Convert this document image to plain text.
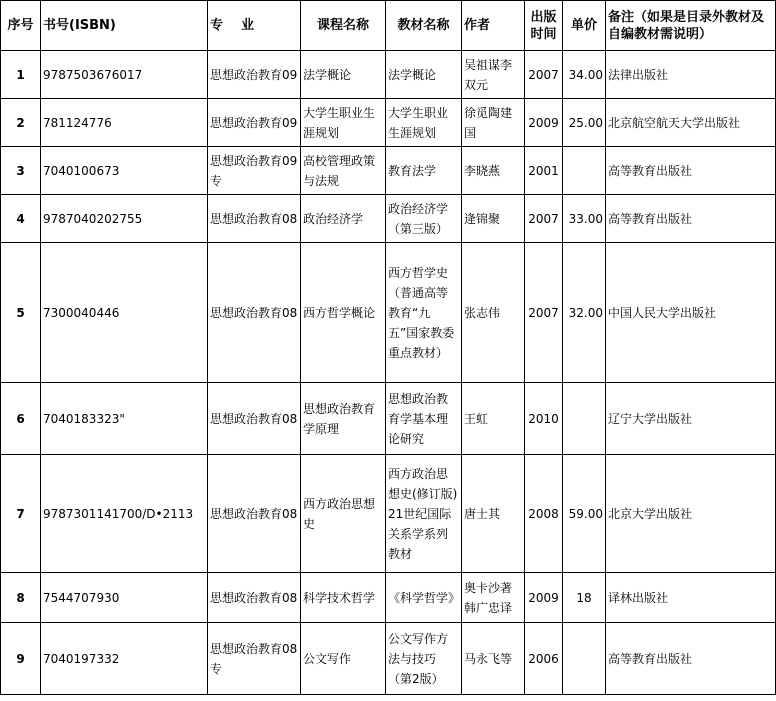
序号	书号(ISBN)	专    业	课程名称	教材名称	作者	出版时间	单价	备注（如果是目录外教材及自编教材需说明）
1	9787503676017	思想政治教育09	法学概论	法学概论	吴祖谋李双元	2007	34.00	法律出版社
2	781124776	思想政治教育09	大学生职业生涯规划	大学生职业生涯规划	徐觅陶建国	2009	25.00	北京航空航天大学出版社
3	7040100673	思想政治教育09专	高校管理政策与法规	教育法学	李晓燕	2001		高等教育出版社
4	9787040202755	思想政治教育08	政治经济学	政治经济学（第三版）	逄锦聚	2007	33.00	高等教育出版社
5	7300040446	思想政治教育08	西方哲学概论	西方哲学史（普通高等教育“九五”国家教委重点教材）	张志伟	2007	32.00	中国人民大学出版社
6	7040183323"	思想政治教育08	思想政治教育学原理	思想政治教育学基本理论研究	王虹	2010		辽宁大学出版社
7	9787301141700/D•2113	思想政治教育08	西方政治思想史	西方政治思想史(修订版) 21世纪国际关系学系列教材	唐士其	2008	59.00	北京大学出版社
8	7544707930	思想政治教育08	科学技术哲学	《科学哲学》	奥卡沙著韩广忠译	2009	18	译林出版社
9	7040197332	思想政治教育08专	公文写作	公文写作方法与技巧（第2版）	马永飞等	2006		高等教育出版社
